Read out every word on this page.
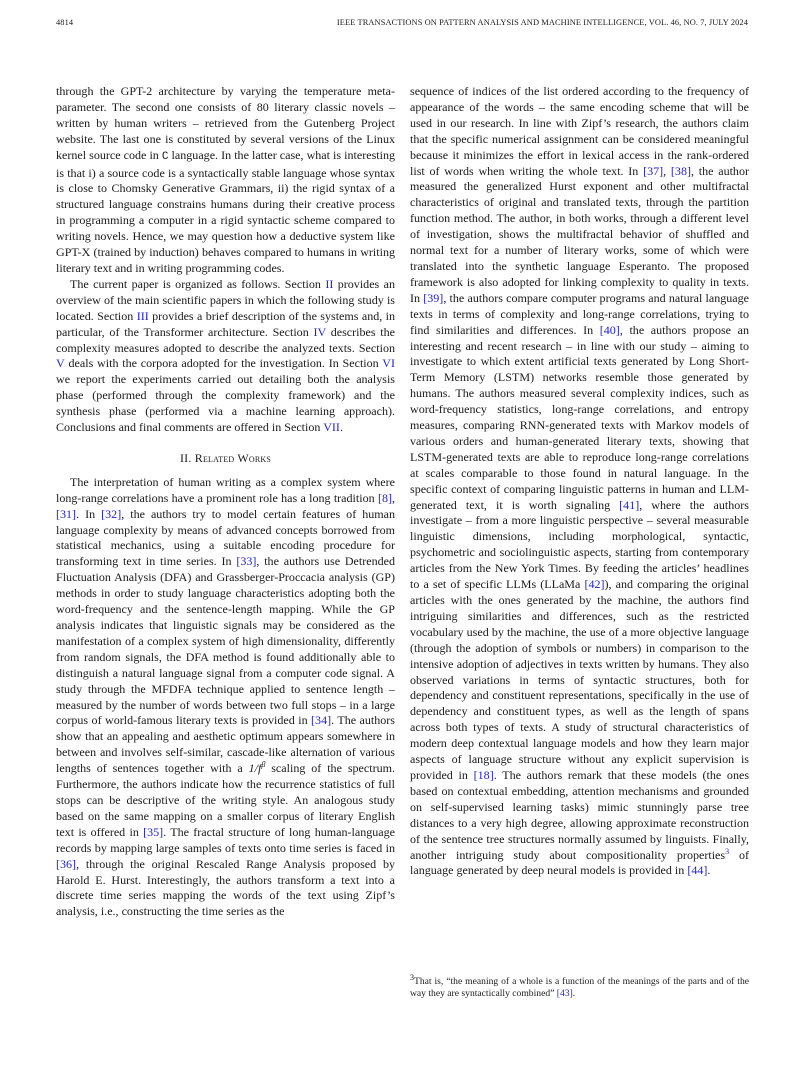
4814	IEEE TRANSACTIONS ON PATTERN ANALYSIS AND MACHINE INTELLIGENCE, VOL. 46, NO. 7, JULY 2024

through the GPT-2 architecture by varying the temperature meta-parameter. The second one consists of 80 literary classic novels – written by human writers – retrieved from the Gutenberg Project website. The last one is constituted by several versions of the Linux kernel source code in C language. In the latter case, what is interesting is that i) a source code is a syntactically stable language whose syntax is close to Chomsky Generative Grammars, ii) the rigid syntax of a structured language constrains humans during their creative process in programming a computer in a rigid syntactic scheme compared to writing novels. Hence, we may question how a deductive system like GPT-X (trained by induction) behaves compared to humans in writing literary text and in writing programming codes.

The current paper is organized as follows. Section II provides an overview of the main scientific papers in which the following study is located. Section III provides a brief description of the systems and, in particular, of the Transformer architecture. Section IV describes the complexity measures adopted to describe the analyzed texts. Section V deals with the corpora adopted for the investigation. In Section VI we report the experiments carried out detailing both the analysis phase (performed through the complexity framework) and the synthesis phase (performed via a machine learning approach). Conclusions and final comments are offered in Section VII.

II. Related Works

The interpretation of human writing as a complex system where long-range correlations have a prominent role has a long tradition [8], [31]. In [32], the authors try to model certain features of human language complexity by means of advanced concepts borrowed from statistical mechanics, using a suitable encoding procedure for transforming text in time series. In [33], the authors use Detrended Fluctuation Analysis (DFA) and Grassberger-Proccacia analysis (GP) methods in order to study language characteristics adopting both the word-frequency and the sentence-length mapping. While the GP analysis indicates that linguistic signals may be considered as the manifestation of a complex system of high dimensionality, differently from random signals, the DFA method is found additionally able to distinguish a natural language signal from a computer code signal. A study through the MFDFA technique applied to sentence length – measured by the number of words between two full stops – in a large corpus of world-famous literary texts is provided in [34]. The authors show that an appealing and aesthetic optimum appears somewhere in between and involves self-similar, cascade-like alternation of various lengths of sentences together with a $1/f^\beta$ scaling of the spectrum. Furthermore, the authors indicate how the recurrence statistics of full stops can be descriptive of the writing style. An analogous study based on the same mapping on a smaller corpus of literary English text is offered in [35]. The fractal structure of long human-language records by mapping large samples of texts onto time series is faced in [36], through the original Rescaled Range Analysis proposed by Harold E. Hurst. Interestingly, the authors transform a text into a discrete time series mapping the words of the text using Zipf’s analysis, i.e., constructing the time series as the

sequence of indices of the list ordered according to the frequency of appearance of the words – the same encoding scheme that will be used in our research. In line with Zipf’s research, the authors claim that the specific numerical assignment can be considered meaningful because it minimizes the effort in lexical access in the rank-ordered list of words when writing the whole text. In [37], [38], the author measured the generalized Hurst exponent and other multifractal characteristics of original and translated texts, through the partition function method. The author, in both works, through a different level of investigation, shows the multifractal behavior of shuffled and normal text for a number of literary works, some of which were translated into the synthetic language Esperanto. The proposed framework is also adopted for linking complexity to quality in texts. In [39], the authors compare computer programs and natural language texts in terms of complexity and long-range correlations, trying to find similarities and differences. In [40], the authors propose an interesting and recent research – in line with our study – aiming to investigate to which extent artificial texts generated by Long Short-Term Memory (LSTM) networks resemble those generated by humans. The authors measured several complexity indices, such as word-frequency statistics, long-range correlations, and entropy measures, comparing RNN-generated texts with Markov models of various orders and human-generated literary texts, showing that LSTM-generated texts are able to reproduce long-range correlations at scales comparable to those found in natural language. In the specific context of comparing linguistic patterns in human and LLM-generated text, it is worth signaling [41], where the authors investigate – from a more linguistic perspective – several measurable linguistic dimensions, including morphological, syntactic, psychometric and sociolinguistic aspects, starting from contemporary articles from the New York Times. By feeding the articles’ headlines to a set of specific LLMs (LLaMa [42]), and comparing the original articles with the ones generated by the machine, the authors find intriguing similarities and differences, such as the restricted vocabulary used by the machine, the use of a more objective language (through the adoption of symbols or numbers) in comparison to the intensive adoption of adjectives in texts written by humans. They also observed variations in terms of syntactic structures, both for dependency and constituent representations, specifically in the use of dependency and constituent types, as well as the length of spans across both types of texts. A study of structural characteristics of modern deep contextual language models and how they learn major aspects of language structure without any explicit supervision is provided in [18]. The authors remark that these models (the ones based on contextual embedding, attention mechanisms and grounded on self-supervised learning tasks) mimic stunningly parse tree distances to a very high degree, allowing approximate reconstruction of the sentence tree structures normally assumed by linguists. Finally, another intriguing study about compositionality properties$^3$ of language generated by deep neural models is provided in [44].

$^3$That is, “the meaning of a whole is a function of the meanings of the parts and of the way they are syntactically combined” [43].
